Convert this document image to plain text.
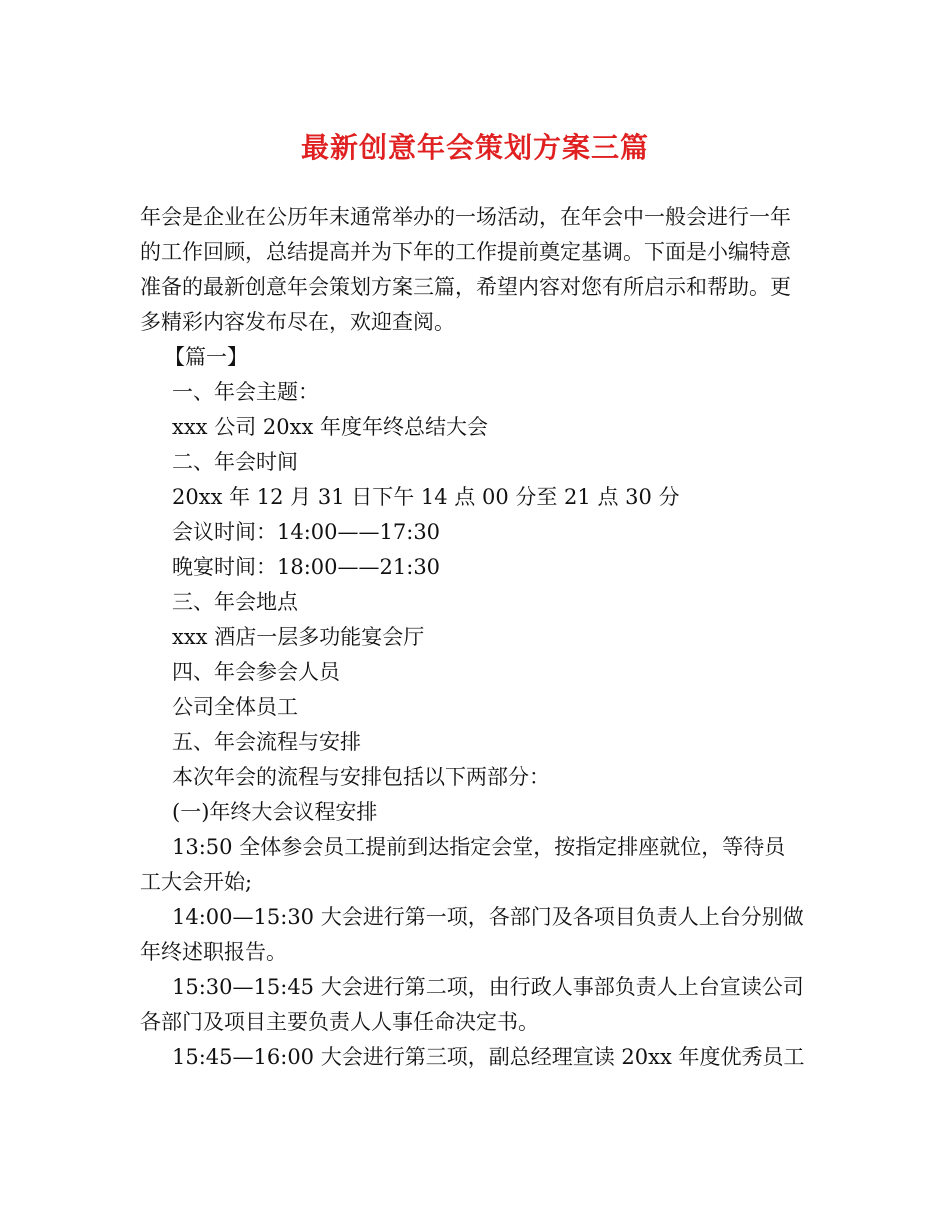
最新创意年会策划方案三篇

年会是企业在公历年末通常举办的一场活动，在年会中一般会进行一年
的工作回顾，总结提高并为下年的工作提前奠定基调。下面是小编特意
准备的最新创意年会策划方案三篇，希望内容对您有所启示和帮助。更
多精彩内容发布尽在，欢迎查阅。

【篇一】
一、年会主题：
xxx 公司 20xx 年度年终总结大会
二、年会时间
20xx 年 12 月 31 日下午 14 点 00 分至 21 点 30 分
会议时间：14:00——17:30
晚宴时间：18:00——21:30
三、年会地点
xxx 酒店一层多功能宴会厅
四、年会参会人员
公司全体员工
五、年会流程与安排
本次年会的流程与安排包括以下两部分：
(一)年终大会议程安排

13:50 全体参会员工提前到达指定会堂，按指定排座就位，等待员
工大会开始;

14:00—15:30 大会进行第一项，各部门及各项目负责人上台分别做
年终述职报告。

15:30—15:45 大会进行第二项，由行政人事部负责人上台宣读公司
各部门及项目主要负责人人事任命决定书。

15:45—16:00 大会进行第三项，副总经理宣读 20xx 年度优秀员工
